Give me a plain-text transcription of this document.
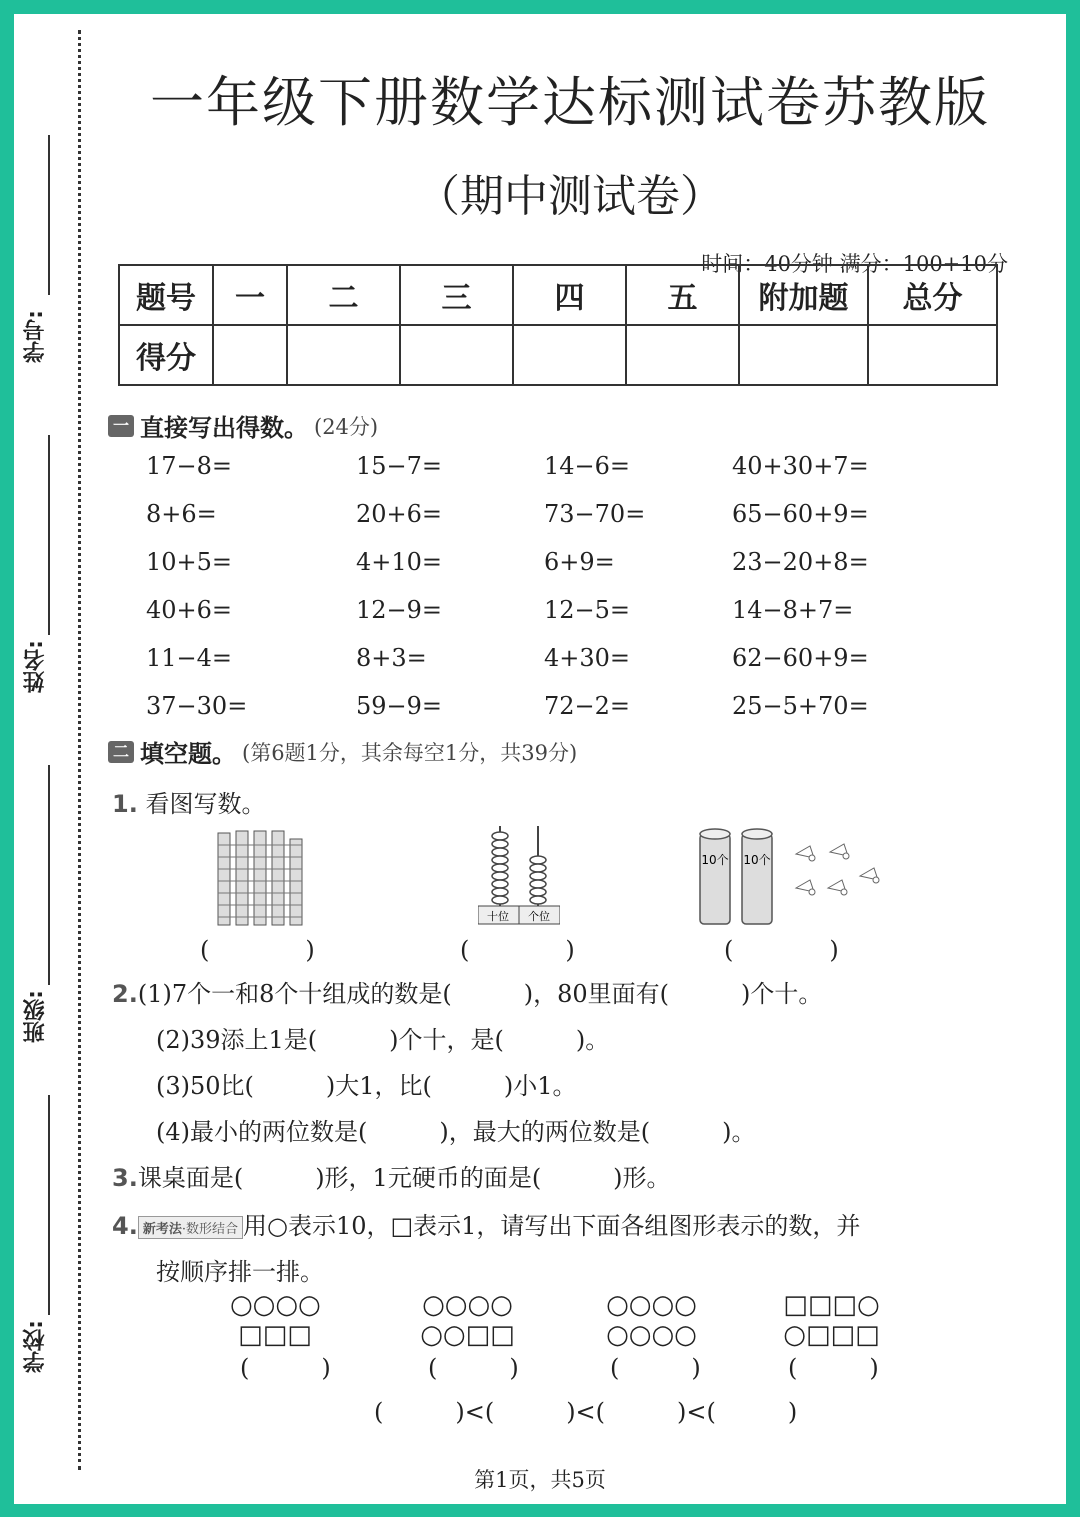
学号:
姓名:
班级:
学校:
一年级下册数学达标测试卷苏教版
（期中测试卷）
时间：40分钟 满分：100+10分
题号	一	二	三	四	五	附加题	总分
得分							
一 直接写出得数。 (24分)
17−8=	15−7=	14−6=	40+30+7=
8+6=	20+6=	73−70=	65−60+9=
10+5=	4+10=	6+9=	23−20+8=
40+6=	12−9=	12−5=	14−8+7=
11−4=	8+3=	4+30=	62−60+9=
37−30=	59−9=	72−2=	25−5+70=
二 填空题。 (第6题1分，其余每空1分，共39分)
1. 看图写数。
(　　　　)
十位 个位
(　　　　)
10个 10个
(　　　　)
2.(1)7个一和8个十组成的数是(　　　)，80里面有(　　　)个十。
(2)39添上1是(　　　)个十，是(　　　)。
(3)50比(　　　)大1，比(　　　)小1。
(4)最小的两位数是(　　　)，最大的两位数是(　　　)。
3.课桌面是(　　　)形，1元硬币的面是(　　　)形。
4. 新考法·数形结合 用○表示10，□表示1，请写出下面各组图形表示的数，并
按顺序排一排。
○○○○
□□□
(　　　)
○○○○
○○□□
(　　　)
○○○○
○○○○
(　　　)
□□□○
○□□□
(　　　)
(　　　)<(　　　)<(　　　)<(　　　)
第1页，共5页
